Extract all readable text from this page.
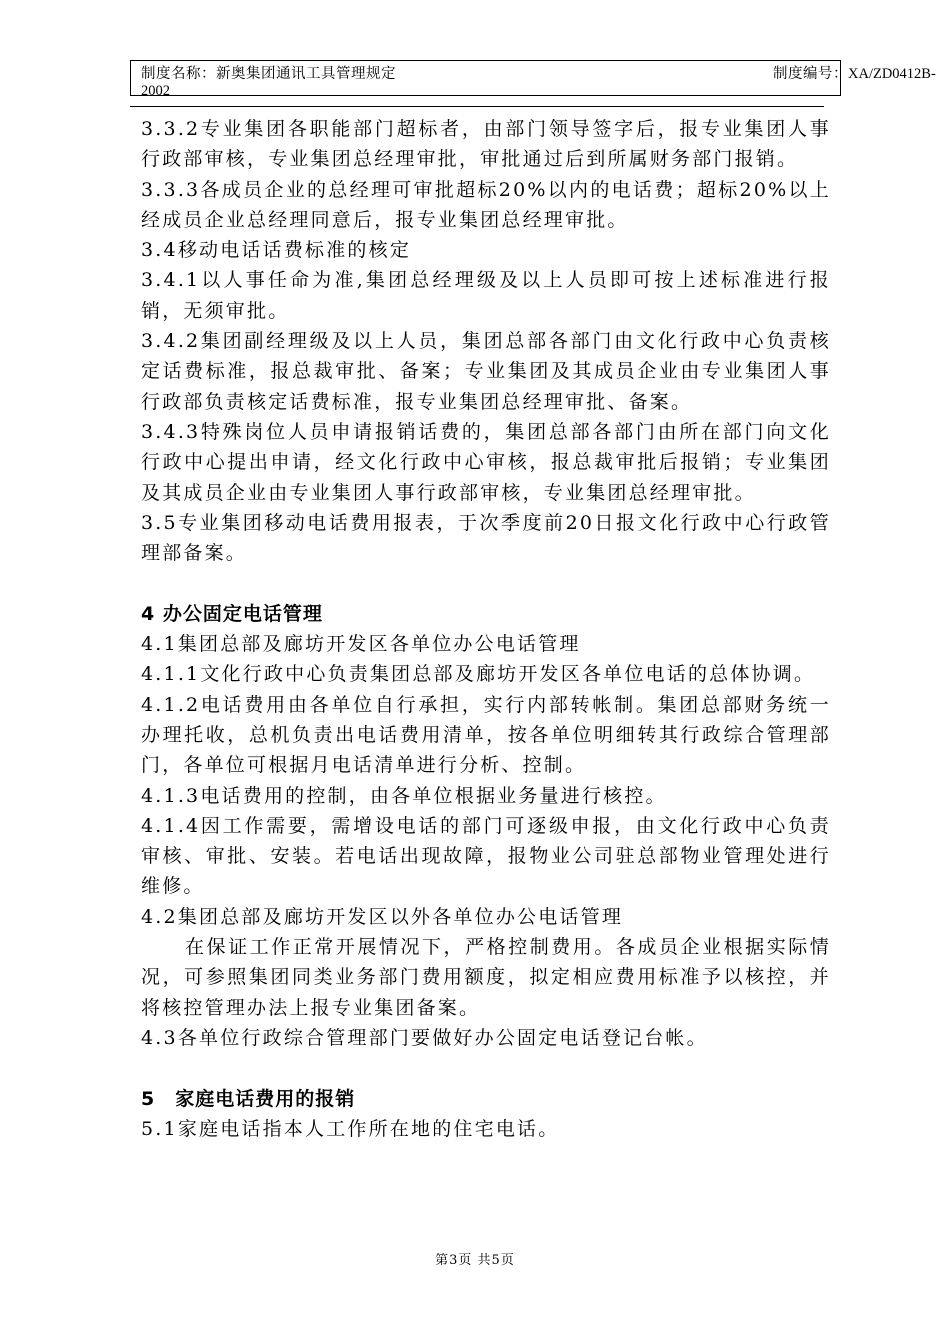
制度名称：新奥集团通讯工具管理规定	制度编号：XA/ZD0412B-
2002

3.3.2专业集团各职能部门超标者，由部门领导签字后，报专业集团人事行政部审核，专业集团总经理审批，审批通过后到所属财务部门报销。

3.3.3各成员企业的总经理可审批超标20%以内的电话费；超标20%以上经成员企业总经理同意后，报专业集团总经理审批。

3.4移动电话话费标准的核定

3.4.1以人事任命为准,集团总经理级及以上人员即可按上述标准进行报销，无须审批。

3.4.2集团副经理级及以上人员，集团总部各部门由文化行政中心负责核定话费标准，报总裁审批、备案；专业集团及其成员企业由专业集团人事行政部负责核定话费标准，报专业集团总经理审批、备案。

3.4.3特殊岗位人员申请报销话费的，集团总部各部门由所在部门向文化行政中心提出申请，经文化行政中心审核，报总裁审批后报销；专业集团及其成员企业由专业集团人事行政部审核，专业集团总经理审批。

3.5专业集团移动电话费用报表，于次季度前20日报文化行政中心行政管理部备案。

4 办公固定电话管理

4.1集团总部及廊坊开发区各单位办公电话管理

4.1.1文化行政中心负责集团总部及廊坊开发区各单位电话的总体协调。

4.1.2电话费用由各单位自行承担，实行内部转帐制。集团总部财务统一办理托收，总机负责出电话费用清单，按各单位明细转其行政综合管理部门，各单位可根据月电话清单进行分析、控制。

4.1.3电话费用的控制，由各单位根据业务量进行核控。

4.1.4因工作需要，需增设电话的部门可逐级申报，由文化行政中心负责审核、审批、安装。若电话出现故障，报物业公司驻总部物业管理处进行维修。

4.2集团总部及廊坊开发区以外各单位办公电话管理

在保证工作正常开展情况下，严格控制费用。各成员企业根据实际情况，可参照集团同类业务部门费用额度，拟定相应费用标准予以核控，并将核控管理办法上报专业集团备案。

4.3各单位行政综合管理部门要做好办公固定电话登记台帐。

5　家庭电话费用的报销

5.1家庭电话指本人工作所在地的住宅电话。

第3页 共5页
